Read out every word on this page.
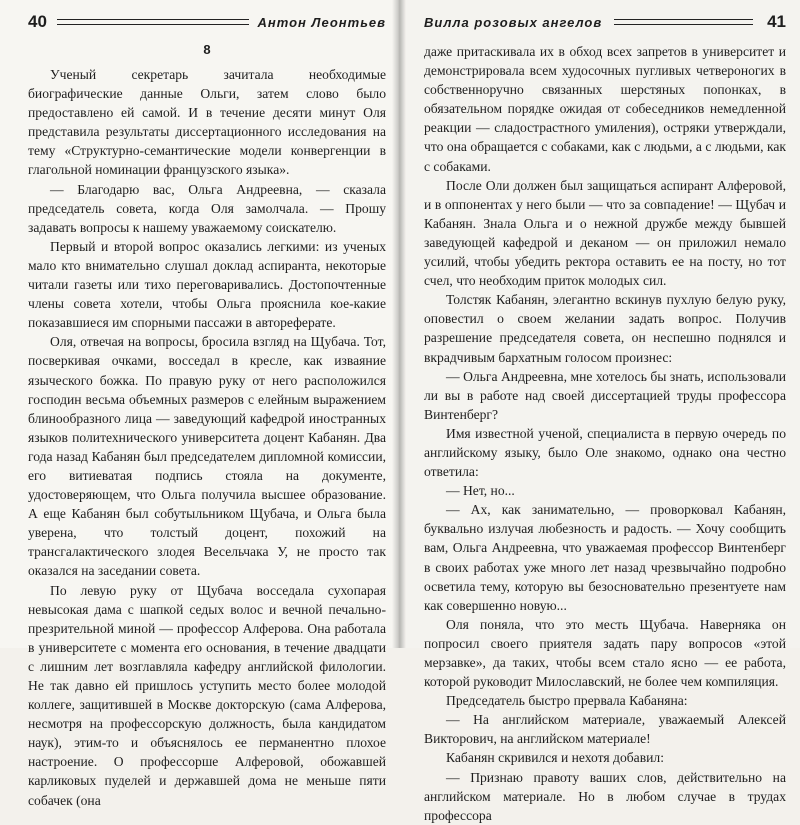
40	Антон Леонтьев
8

Ученый секретарь зачитала необходимые биографические данные Ольги, затем слово было предоставлено ей самой. И в течение десяти минут Оля представила результаты диссертационного исследования на тему «Структурно-семантические модели конвергенции в глагольной номинации французского языка».

— Благодарю вас, Ольга Андреевна, — сказала председатель совета, когда Оля замолчала. — Прошу задавать вопросы к нашему уважаемому соискателю.

Первый и второй вопрос оказались легкими: из ученых мало кто внимательно слушал доклад аспиранта, некоторые читали газеты или тихо переговаривались. Достопочтенные члены совета хотели, чтобы Ольга прояснила кое-какие показавшиеся им спорными пассажи в автореферате.

Оля, отвечая на вопросы, бросила взгляд на Щубача. Тот, посверкивая очками, восседал в кресле, как изваяние языческого божка. По правую руку от него расположился господин весьма объемных размеров с елейным выражением блинообразного лица — заведующий кафедрой иностранных языков политехнического университета доцент Кабанян. Два года назад Кабанян был председателем дипломной комиссии, его витиеватая подпись стояла на документе, удостоверяющем, что Ольга получила высшее образование. А еще Кабанян был собутыльником Щубача, и Ольга была уверена, что толстый доцент, похожий на трансгалактического злодея Весельчака У, не просто так оказался на заседании совета.

По левую руку от Щубача восседала сухопарая невысокая дама с шапкой седых волос и вечной печально-презрительной миной — профессор Алферова. Она работала в университете с момента его основания, в течение двадцати с лишним лет возглавляла кафедру английской филологии. Не так давно ей пришлось уступить место более молодой коллеге, защитившей в Москве докторскую (сама Алферова, несмотря на профессорскую должность, была кандидатом наук), этим-то и объяснялось ее перманентно плохое настроение. О профессорше Алферовой, обожавшей карликовых пуделей и державшей дома не меньше пяти собачек (она

Вилла розовых ангелов	41

даже притаскивала их в обход всех запретов в университет и демонстрировала всем худосочных пугливых четвероногих в собственноручно связанных шерстяных попонках, в обязательном порядке ожидая от собеседников немедленной реакции — сладострастного умиления), остряки утверждали, что она обращается с собаками, как с людьми, а с людьми, как с собаками.

После Оли должен был защищаться аспирант Алферовой, и в оппонентах у него были — что за совпадение! — Щубач и Кабанян. Знала Ольга и о нежной дружбе между бывшей заведующей кафедрой и деканом — он приложил немало усилий, чтобы убедить ректора оставить ее на посту, но тот счел, что необходим приток молодых сил.

Толстяк Кабанян, элегантно вскинув пухлую белую руку, оповестил о своем желании задать вопрос. Получив разрешение председателя совета, он неспешно поднялся и вкрадчивым бархатным голосом произнес:

— Ольга Андреевна, мне хотелось бы знать, использовали ли вы в работе над своей диссертацией труды профессора Винтенберг?

Имя известной ученой, специалиста в первую очередь по английскому языку, было Оле знакомо, однако она честно ответила:

— Нет, но...

— Ах, как занимательно, — проворковал Кабанян, буквально излучая любезность и радость. — Хочу сообщить вам, Ольга Андреевна, что уважаемая профессор Винтенберг в своих работах уже много лет назад чрезвычайно подробно осветила тему, которую вы безосновательно презентуете нам как совершенно новую...

Оля поняла, что это месть Щубача. Наверняка он попросил своего приятеля задать пару вопросов «этой мерзавке», да таких, чтобы всем стало ясно — ее работа, которой руководит Милославский, не более чем компиляция.

Председатель быстро прервала Кабаняна:

— На английском материале, уважаемый Алексей Викторович, на английском материале!

Кабанян скривился и нехотя добавил:

— Признаю правоту ваших слов, действительно на английском материале. Но в любом случае в трудах профессора
